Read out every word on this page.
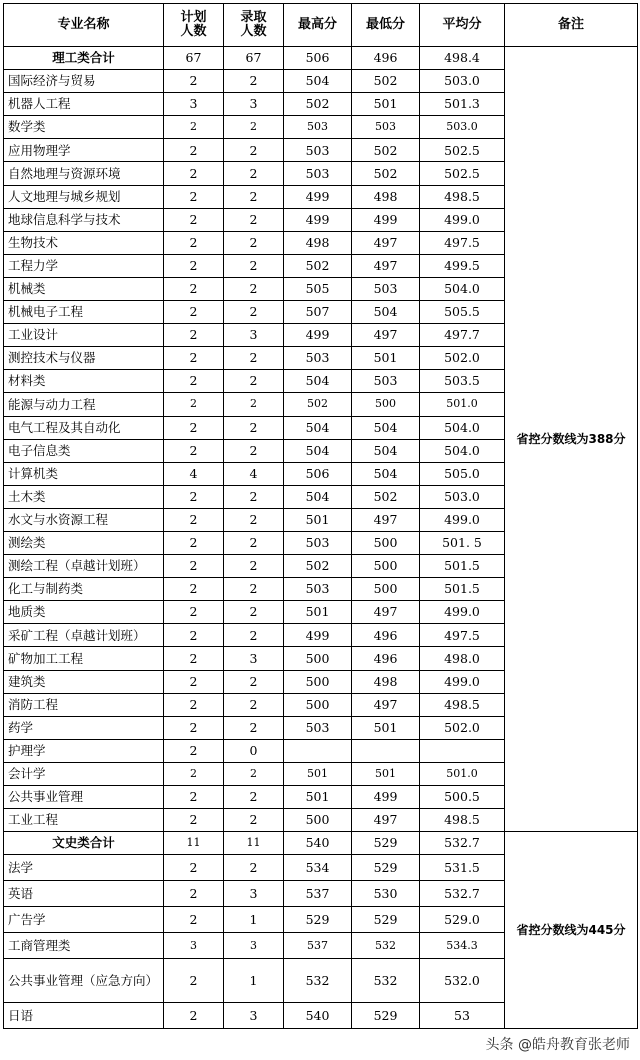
专业名称	计划人数	录取人数	最高分	最低分	平均分	备注
理工类合计	67	67	506	496	498.4	省控分数线为388分
国际经济与贸易	2	2	504	502	503.0	
机器人工程	3	3	502	501	501.3	
数学类	2	2	503	503	503.0	
应用物理学	2	2	503	502	502.5	
自然地理与资源环境	2	2	503	502	502.5	
人文地理与城乡规划	2	2	499	498	498.5	
地球信息科学与技术	2	2	499	499	499.0	
生物技术	2	2	498	497	497.5	
工程力学	2	2	502	497	499.5	
机械类	2	2	505	503	504.0	
机械电子工程	2	2	507	504	505.5	
工业设计	2	3	499	497	497.7	
测控技术与仪器	2	2	503	501	502.0	
材料类	2	2	504	503	503.5	
能源与动力工程	2	2	502	500	501.0	
电气工程及其自动化	2	2	504	504	504.0	
电子信息类	2	2	504	504	504.0	
计算机类	4	4	506	504	505.0	
土木类	2	2	504	502	503.0	
水文与水资源工程	2	2	501	497	499.0	
测绘类	2	2	503	500	501. 5	
测绘工程（卓越计划班）	2	2	502	500	501.5	
化工与制药类	2	2	503	500	501.5	
地质类	2	2	501	497	499.0	
采矿工程（卓越计划班）	2	2	499	496	497.5	
矿物加工工程	2	3	500	496	498.0	
建筑类	2	2	500	498	499.0	
消防工程	2	2	500	497	498.5	
药学	2	2	503	501	502.0	
护理学	2	0				
会计学	2	2	501	501	501.0	
公共事业管理	2	2	501	499	500.5	
工业工程	2	2	500	497	498.5	
文史类合计	11	11	540	529	532.7	省控分数线为445分
法学	2	2	534	529	531.5	
英语	2	3	537	530	532.7	
广告学	2	1	529	529	529.0	
工商管理类	3	3	537	532	534.3	
公共事业管理（应急方向）	2	1	532	532	532.0	
日语	2	3	540	529	53	
头条 @皓舟教育张老师
